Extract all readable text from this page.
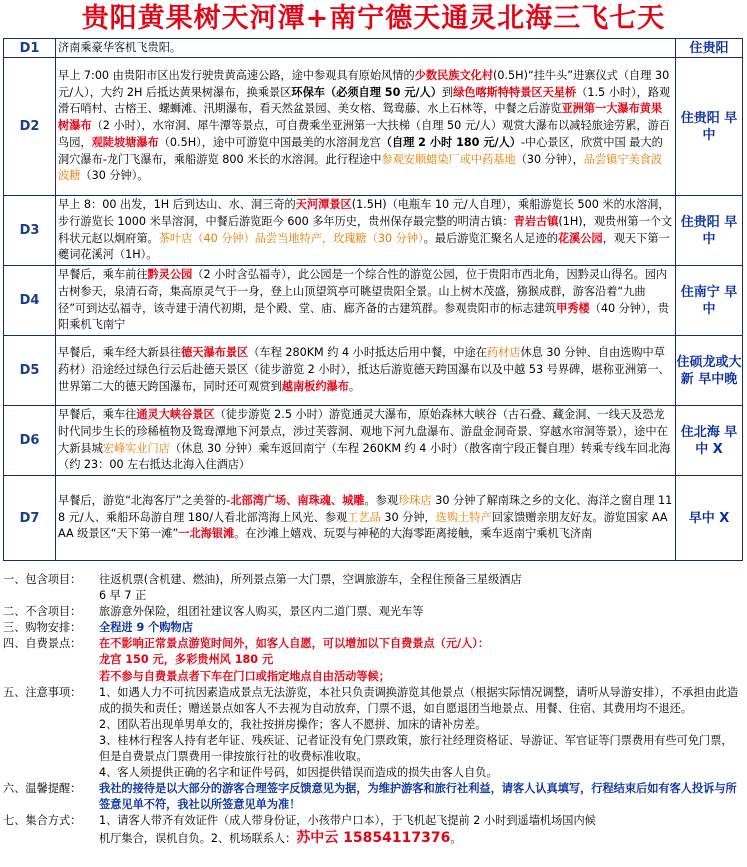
贵阳黄果树天河潭+南宁德天通灵北海三飞七天
D1	济南乘豪华客机飞贵阳。	住贵阳
D2	早上 7:00 由贵阳市区出发行驶贵黄高速公路，途中参观具有原始风情的少数民族文化村(0.5H)“挂牛头”进寨仪式（自理 30 元/人），大约 2H 后抵达黄果树瀑布，换乘景区环保车（必须自理 50 元/人）到绿色喀斯特特景区天星桥（1.5 小时），路观滑石哨村、古榕王、螺蛳滩、汛期瀑布，看天然盆景园、美女榕、鸳鸯藤、水上石林等，中餐之后游览亚洲第一大瀑布黄果树瀑布（2 小时），水帘洞、犀牛潭等景点，可自费乘坐亚洲第一大扶梯（自理 50 元/人）观赏大瀑布以减轻旅途劳累，游百鸟园，观陡坡塘瀑布（0.5H），途中可游览中国最美的水溶洞龙宫（自理 2 小时 180 元/人）-中心景区，欣赏中国 最大的洞穴瀑布-龙门飞瀑布，乘船游览 800 米长的水溶洞。此行程途中参观安顺蜡染厂或中药基地（30 分钟），品尝镇宁美食波波糖（30 分钟）。	住贵阳 早中
D3	早上 8：00 出发，1H 后到达山、水、洞三奇的天河潭景区(1.5H)（电瓶车 10 元/人自理），乘船游览长 500 米的水溶洞，步行游览长 1000 米旱溶洞，中餐后游览距今 600 多年历史，贵州保存最完整的明清古镇：青岩古镇(1H)，观贵州第一个文科状元赵以炯府第。茶叶店（40 分钟）品尝当地特产，玫瑰糖（30 分钟）。最后游览汇聚名人足迹的花溪公园，观天下第一夔词花溪河（1H）。	住贵阳 早中
D4	早餐后，乘车前往黔灵公园（2 小时含弘福寺），此公园是一个综合性的游览公园，位于贵阳市西北角，因黔灵山得名。园内古树参天，泉清石奇，集高原灵气于一身，登上山顶望筑亭可眺望贵阳全景。山上树木茂盛，猕猴成群，游客沿着“九曲径”可到达弘福寺，该寺建于清代初期，是个殿、堂、庙、廊齐备的古建筑群。参观贵阳市的标志建筑甲秀楼（40 分钟），贵阳乘机飞南宁	住南宁 早中
D5	早餐后，乘车经大新县往德天瀑布景区（车程 280KM 约 4 小时抵达后用中餐，中途在药材店休息 30 分钟、自由选购中草药材）沿途经过绿色行云后赴德天景区（徒步游览 2 小时），抵达后游览德天跨国瀑布以及中越 53 号界碑，堪称亚洲第一、世界第二大的德天跨国瀑布，同时还可观赏到越南板约瀑布。	住硕龙或大新 早中晚
D6	早餐后，乘车往通灵大峡谷景区（徒步游览 2.5 小时）游览通灵大瀑布，原始森林大峡谷（古石叠、藏金洞、一线天及恐龙时代同步生长的珍稀植物及鸳鸯潭地下河景点，涉过芙蓉洞、观地下河九盘瀑布、游盘金洞奇景、穿越水帘洞等景），途中在大新县城宏峰实业门店（休息 30 分钟）乘车返回南宁（车程 260KM 约 4 小时）（散客南宁段正餐自理）转乘专线车回北海（约 23：00 左右抵达北海入住酒店）	住北海 早中 X
D7	早餐后，游览“北海客厅”之美誉的-北部湾广场、南珠魂、城雕。参观珍珠店 30 分钟了解南珠之乡的文化、海洋之窗自理 118 元/人、乘船环岛游自理 180/人看北部湾海上风光、参观工艺品 30 分钟，选购土特产回家馈赠亲朋友好友。游览国家 AAAA 级景区“天下第一滩”一北海银滩。在沙滩上嬉戏、玩耍与神秘的大海零距离接触，乘车返南宁乘机飞济南	早中 X
一、包含项目：	往返机票(含机建、燃油)，所列景点第一大门票，空调旅游车，全程住预备三星级酒店
6 早 7 正
二、不含项目：	旅游意外保险，组团社建议客人购买，景区内二道门票、观光车等
三、购物安排：	全程进 9 个购物店
四、自费景点：	在不影响正常景点游览时间外，如客人自愿，可以增加以下自费景点（元/人）：
龙宫 150 元，多彩贵州风 180 元
若不参与自费景点者下车在门口或指定地点自由活动等候；
五、注意事项：	1、如遇人力不可抗因素造成景点无法游览，本社只负责调换游览其他景点（根据实际情况调整，请听从导游安排），不承担由此造成的损失和责任；赠送景点如客人不去视为自动放弃，门票不退，如自愿退团当地景点、用餐、住宿、其费用均不退还。
2、团队若出现单男单女的，我社按拼房操作；客人不愿拼、加床的请补房差。
3、桂林行程客人持有老年证、残疾证、记者证没有免门票政策，旅行社经理资格证、导游证、军官证等门票费用有些可免门票，但是自费景点门票费用一律按旅行社的收费标准收取。
4、客人须提供正确的名字和证件号码，如因提供错误而造成的损失由客人自负。
六、温馨提醒：	我社的接待是以大部分的游客合理签字反馈意见为据，为维护游客和旅行社利益，请客人认真填写，行程结束后如有客人投诉与所签意见单不符，我社以所签意见单为准！
七、集合方式：	1、请客人带齐有效证件（成人带身份证，小孩带户口本），于飞机起飞提前 2 小时到遥墙机场国内候
机厅集合，误机自负。2、机场联系人：苏中云 15854117376。
